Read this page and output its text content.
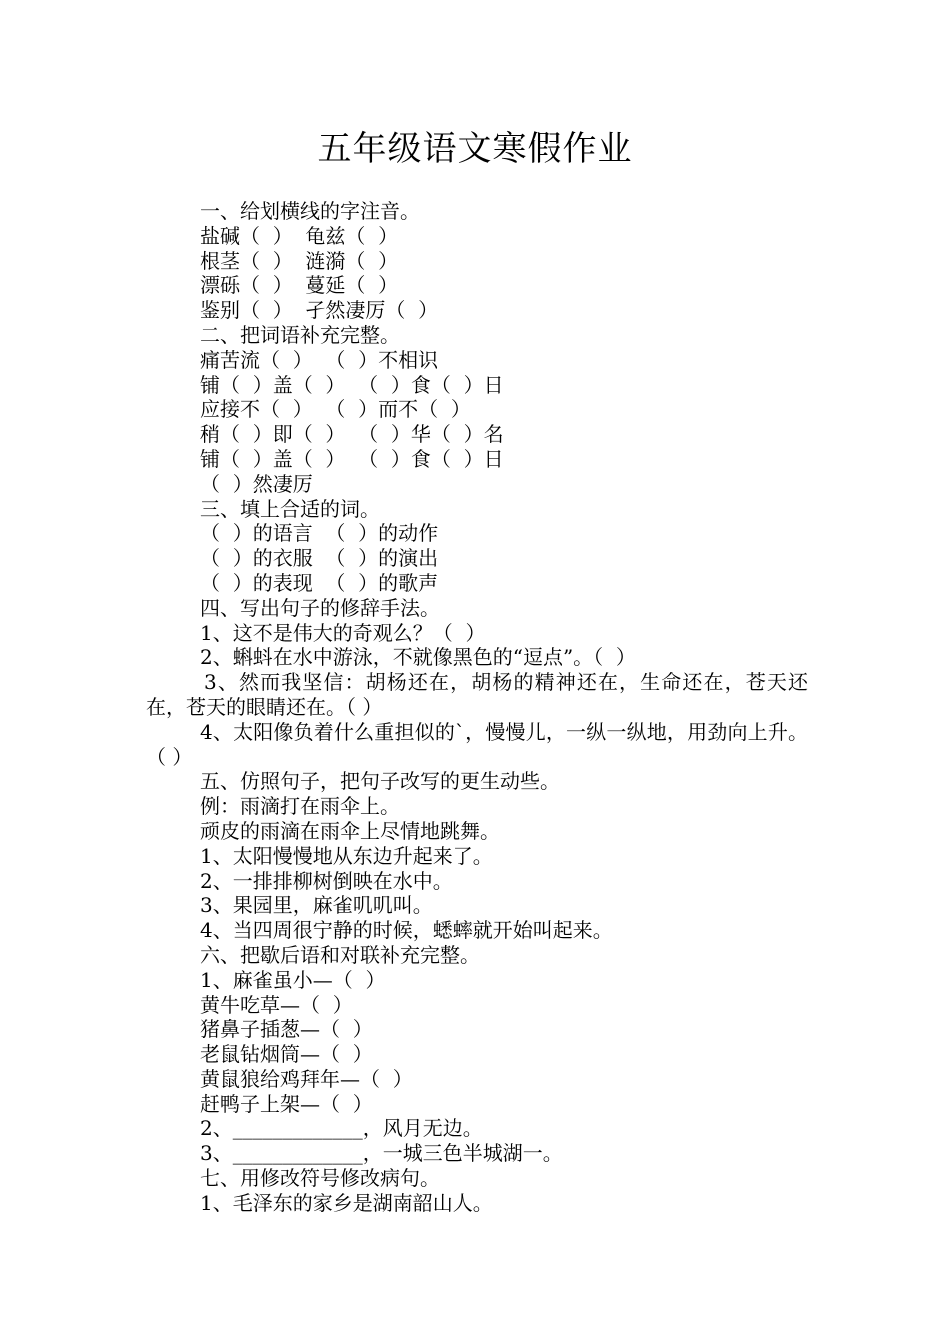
五年级语文寒假作业
一、给划横线的字注音。
盐碱（  ）  龟兹（  ）
根茎（  ）  涟漪（  ）
漂砾（  ）  蔓延（  ）
鉴别（  ）  孑然凄厉（  ）
二、把词语补充完整。
痛苦流（  ）  （  ）不相识
铺（  ）盖（  ）  （  ）食（  ）日
应接不（  ）  （  ）而不（  ）
稍（  ）即（  ）  （  ）华（  ）名
铺（  ）盖（  ）  （  ）食（  ）日
（  ）然凄厉
三、填上合适的词。
（  ）的语言  （  ）的动作
（  ）的衣服  （  ）的演出
（  ）的表现  （  ）的歌声
四、写出句子的修辞手法。
1、这不是伟大的奇观么？（  ）
2、蝌蚪在水中游泳，不就像黑色的“逗点”。（  ）
3、然而我坚信：胡杨还在，胡杨的精神还在，生命还在，苍天还在，苍天的眼睛还在。（ ）
4、太阳像负着什么重担似的`，慢慢儿，一纵一纵地，用劲向上升。（ ）
五、仿照句子，把句子改写的更生动些。
例：雨滴打在雨伞上。
顽皮的雨滴在雨伞上尽情地跳舞。
1、太阳慢慢地从东边升起来了。
2、一排排柳树倒映在水中。
3、果园里，麻雀叽叽叫。
4、当四周很宁静的时候，蟋蟀就开始叫起来。
六、把歇后语和对联补充完整。
1、麻雀虽小—（  ）
黄牛吃草—（  ）
猪鼻子插葱—（  ）
老鼠钻烟筒—（  ）
黄鼠狼给鸡拜年—（  ）
赶鸭子上架—（  ）
2、_____________，风月无边。
3、_____________，一城三色半城湖一。
七、用修改符号修改病句。
1、毛泽东的家乡是湖南韶山人。
